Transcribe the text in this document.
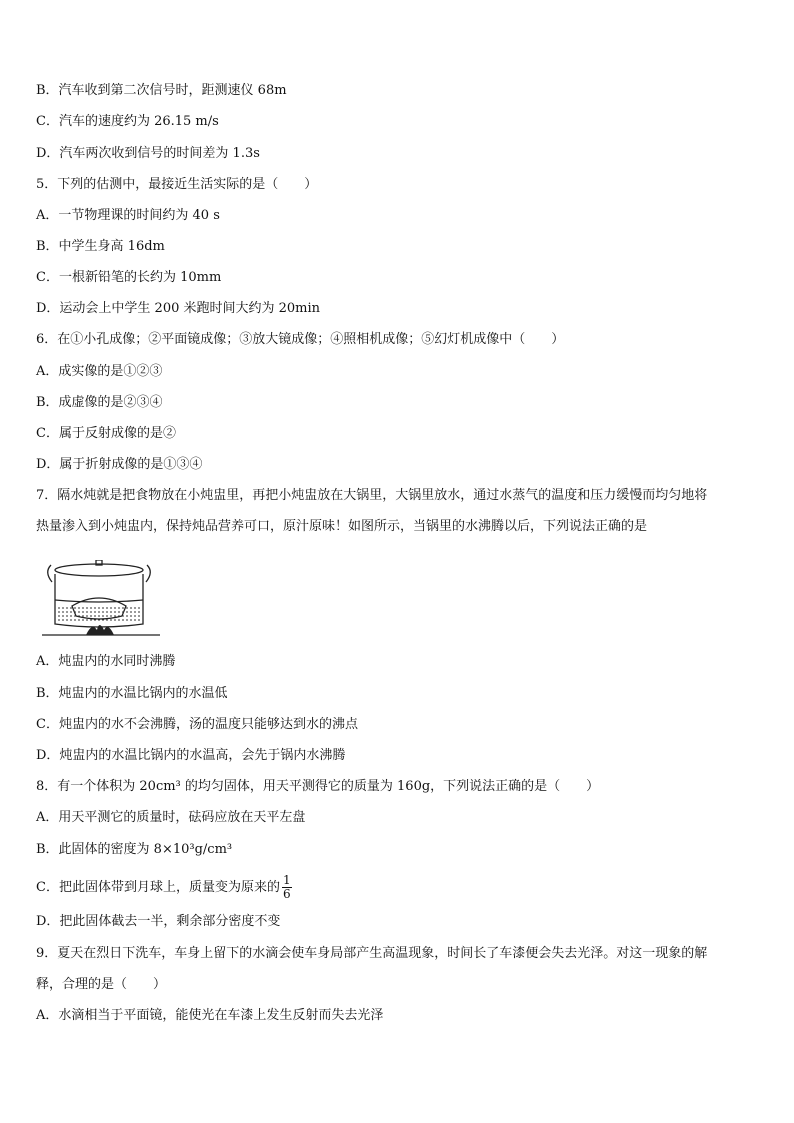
B．汽车收到第二次信号时，距测速仪 68m
C．汽车的速度约为 26.15 m/s
D．汽车两次收到信号的时间差为 1.3s
5．下列的估测中，最接近生活实际的是（　　）
A．一节物理课的时间约为 40 s
B．中学生身高 16dm
C．一根新铅笔的长约为 10mm
D．运动会上中学生 200 米跑时间大约为 20min
6．在①小孔成像；②平面镜成像；③放大镜成像；④照相机成像；⑤幻灯机成像中（　　）
A．成实像的是①②③
B．成虚像的是②③④
C．属于反射成像的是②
D．属于折射成像的是①③④
7．隔水炖就是把食物放在小炖盅里，再把小炖盅放在大锅里，大锅里放水，通过水蒸气的温度和压力缓慢而均匀地将
热量渗入到小炖盅内，保持炖品营养可口，原汁原味！如图所示，当锅里的水沸腾以后，下列说法正确的是
A．炖盅内的水同时沸腾
B．炖盅内的水温比锅内的水温低
C．炖盅内的水不会沸腾，汤的温度只能够达到水的沸点
D．炖盅内的水温比锅内的水温高，会先于锅内水沸腾
8．有一个体积为 20cm³ 的均匀固体，用天平测得它的质量为 160g，下列说法正确的是（　　）
A．用天平测它的质量时，砝码应放在天平左盘
B．此固体的密度为 8×10³g/cm³
C．把此固体带到月球上，质量变为原来的 $\frac{1}{6}$
D．把此固体截去一半，剩余部分密度不变
9．夏天在烈日下洗车，车身上留下的水滴会使车身局部产生高温现象，时间长了车漆便会失去光泽。对这一现象的解
释，合理的是（　　）
A．水滴相当于平面镜，能使光在车漆上发生反射而失去光泽
